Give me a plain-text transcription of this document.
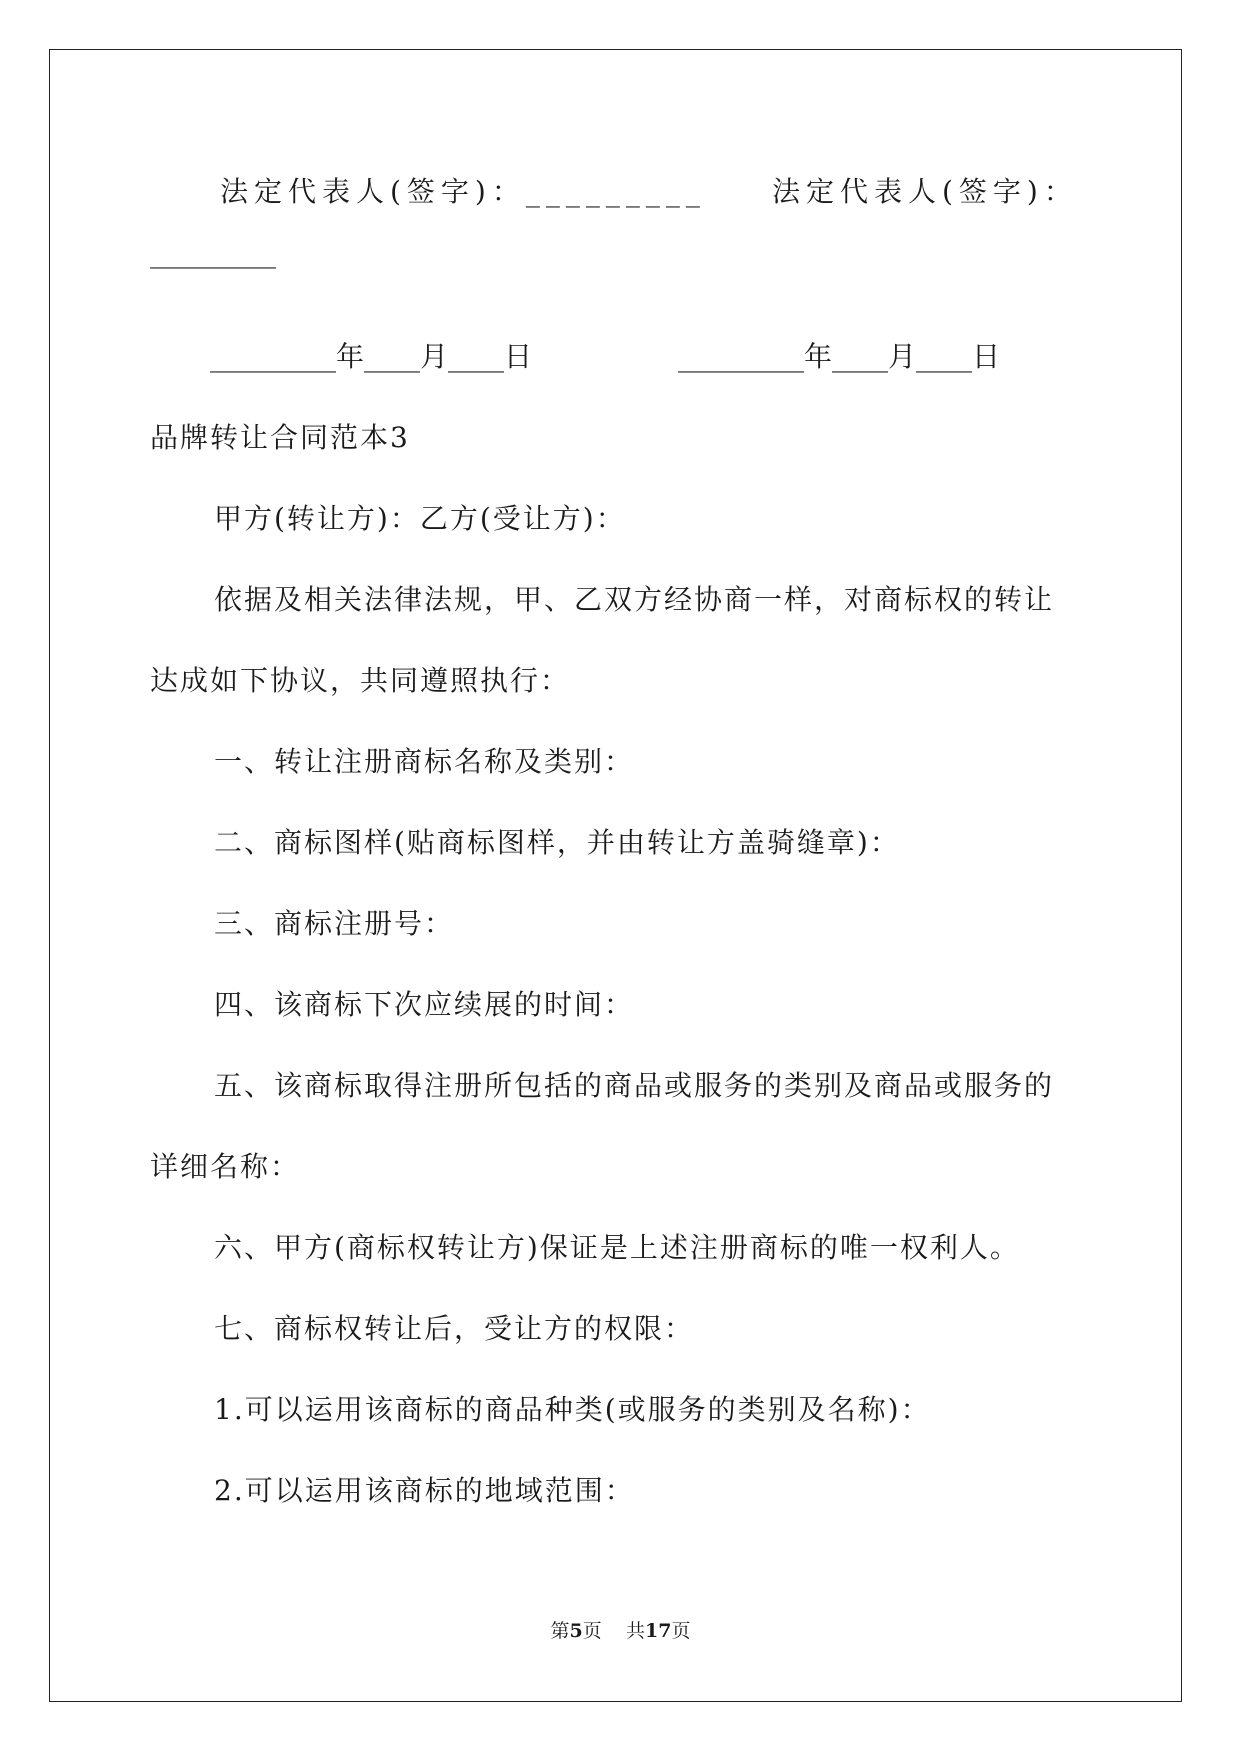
法定代表人(签字)：_________ 法定代表人(签字)：
_________
_________年____月____日	_________年____月____日
品牌转让合同范本3
甲方(转让方)：乙方(受让方)：
依据及相关法律法规，甲、乙双方经协商一样，对商标权的转让
达成如下协议，共同遵照执行：
一、转让注册商标名称及类别：
二、商标图样(贴商标图样，并由转让方盖骑缝章)：
三、商标注册号：
四、该商标下次应续展的时间：
五、该商标取得注册所包括的商品或服务的类别及商品或服务的
详细名称：
六、甲方(商标权转让方)保证是上述注册商标的唯一权利人。
七、商标权转让后，受让方的权限：
1.可以运用该商标的商品种类(或服务的类别及名称)：
2.可以运用该商标的地域范围：
第5页 共17页
